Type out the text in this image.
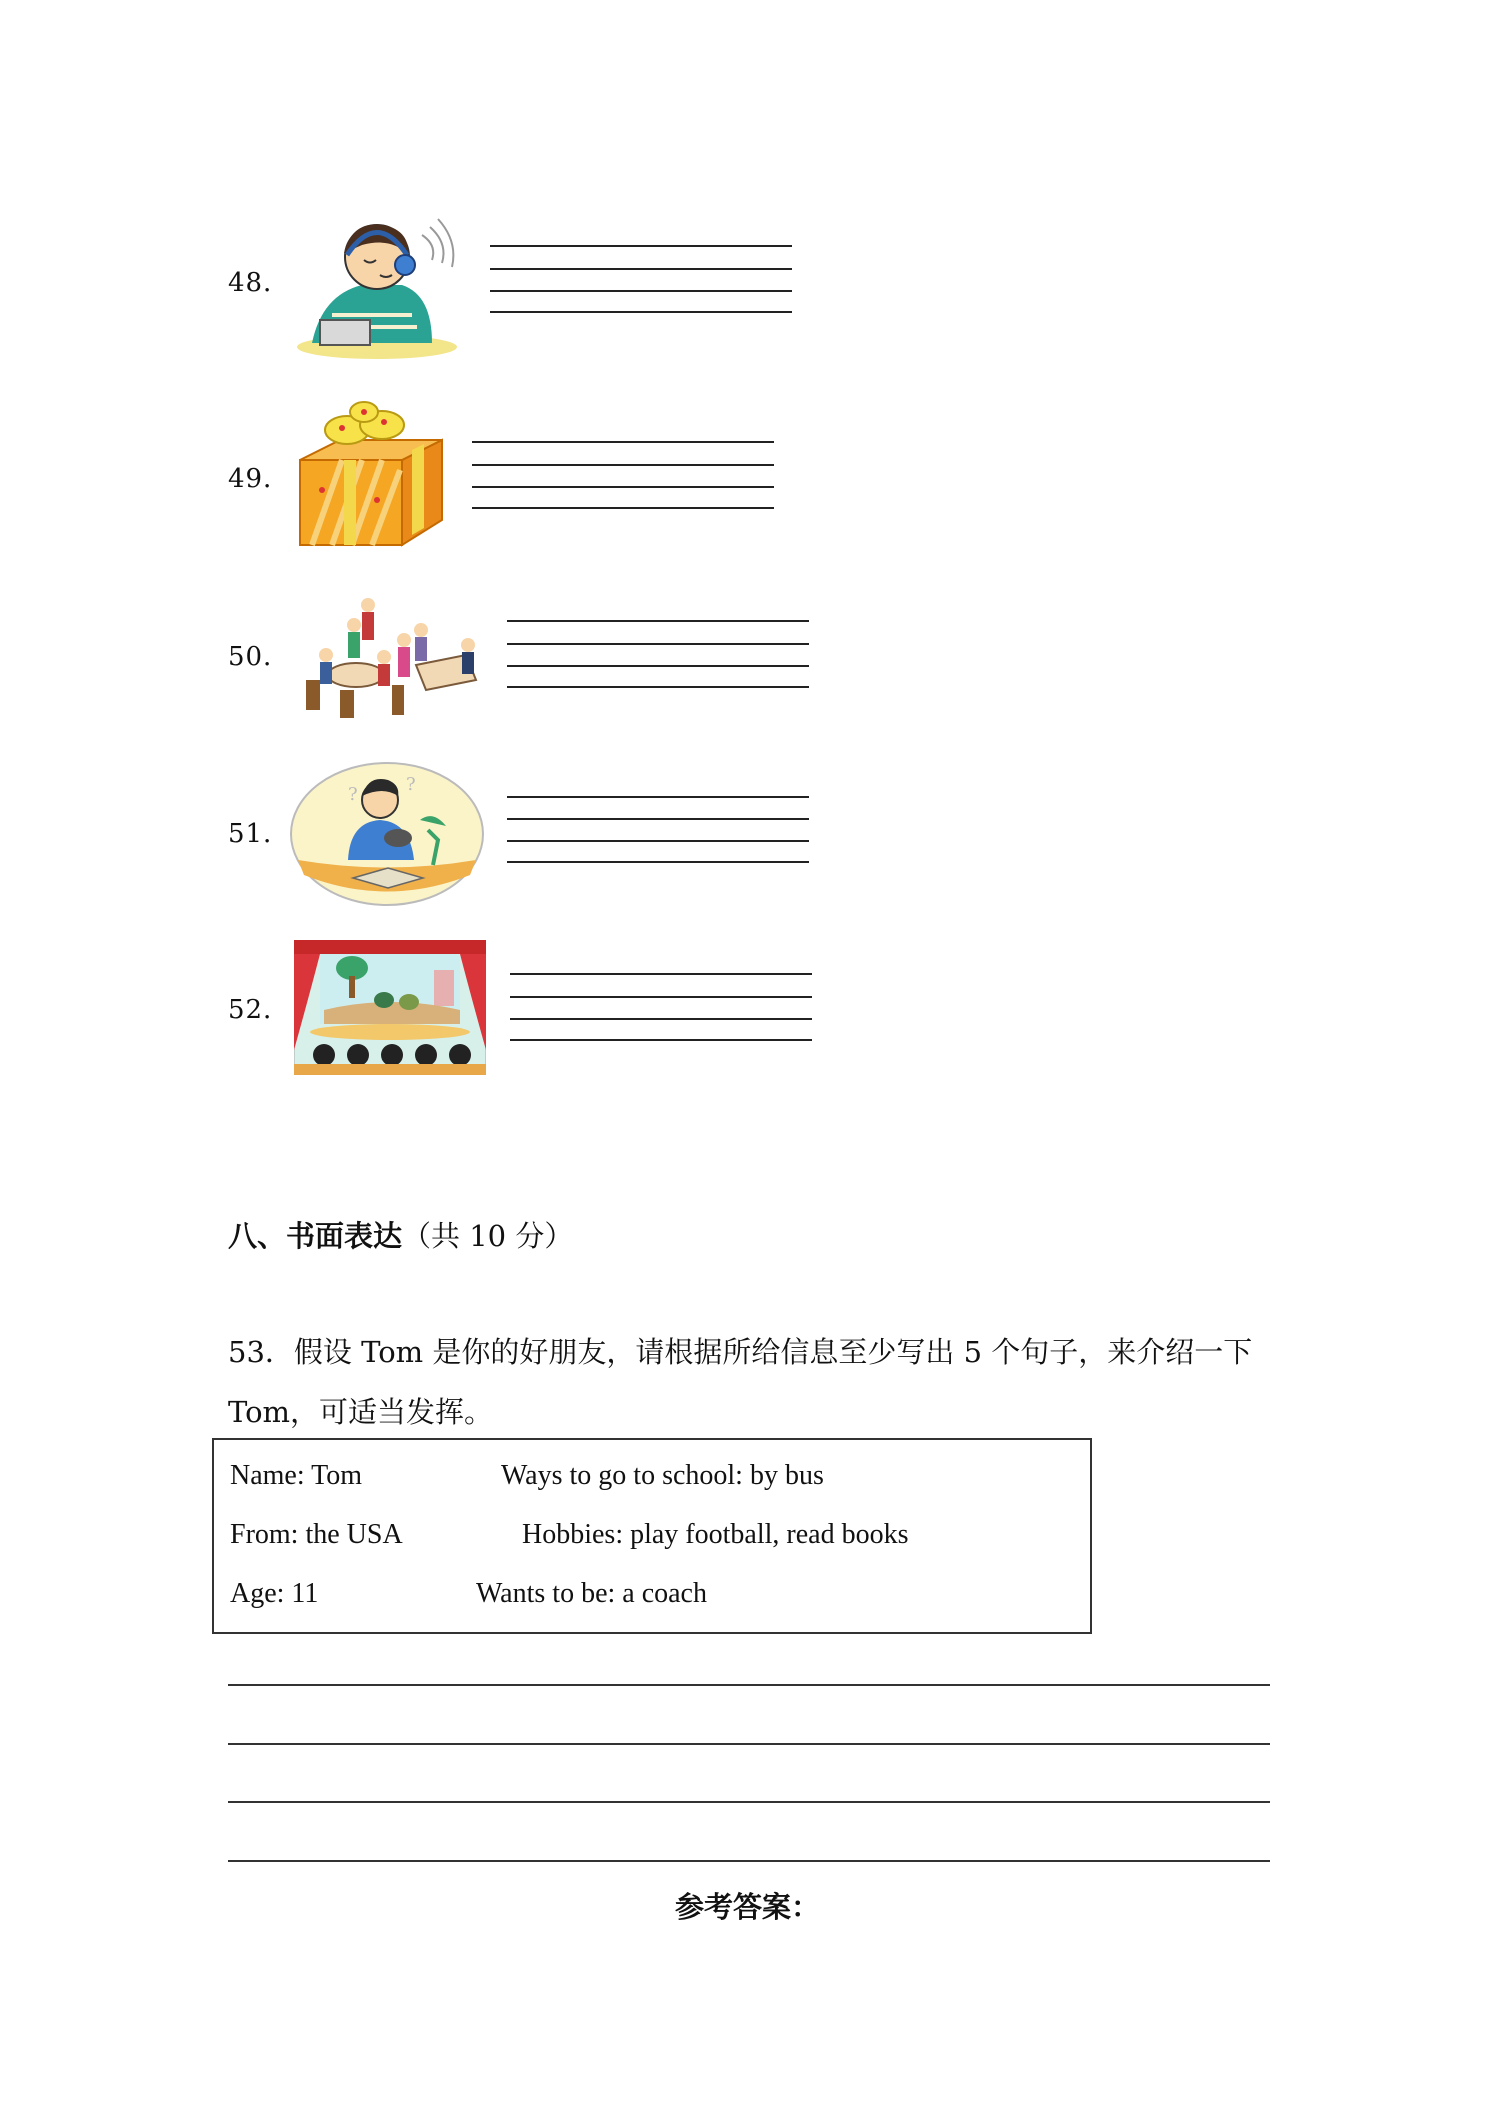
48．
49．
50．
51．
?	?
52．
八、书面表达（共 10 分）
53．假设 Tom 是你的好朋友，请根据所给信息至少写出 5 个句子，来介绍一下
Tom，可适当发挥。
Name: Tom	Ways to go to school: by bus
From: the USA	Hobbies: play football, read books
Age: 11	Wants to be: a coach
参考答案：
